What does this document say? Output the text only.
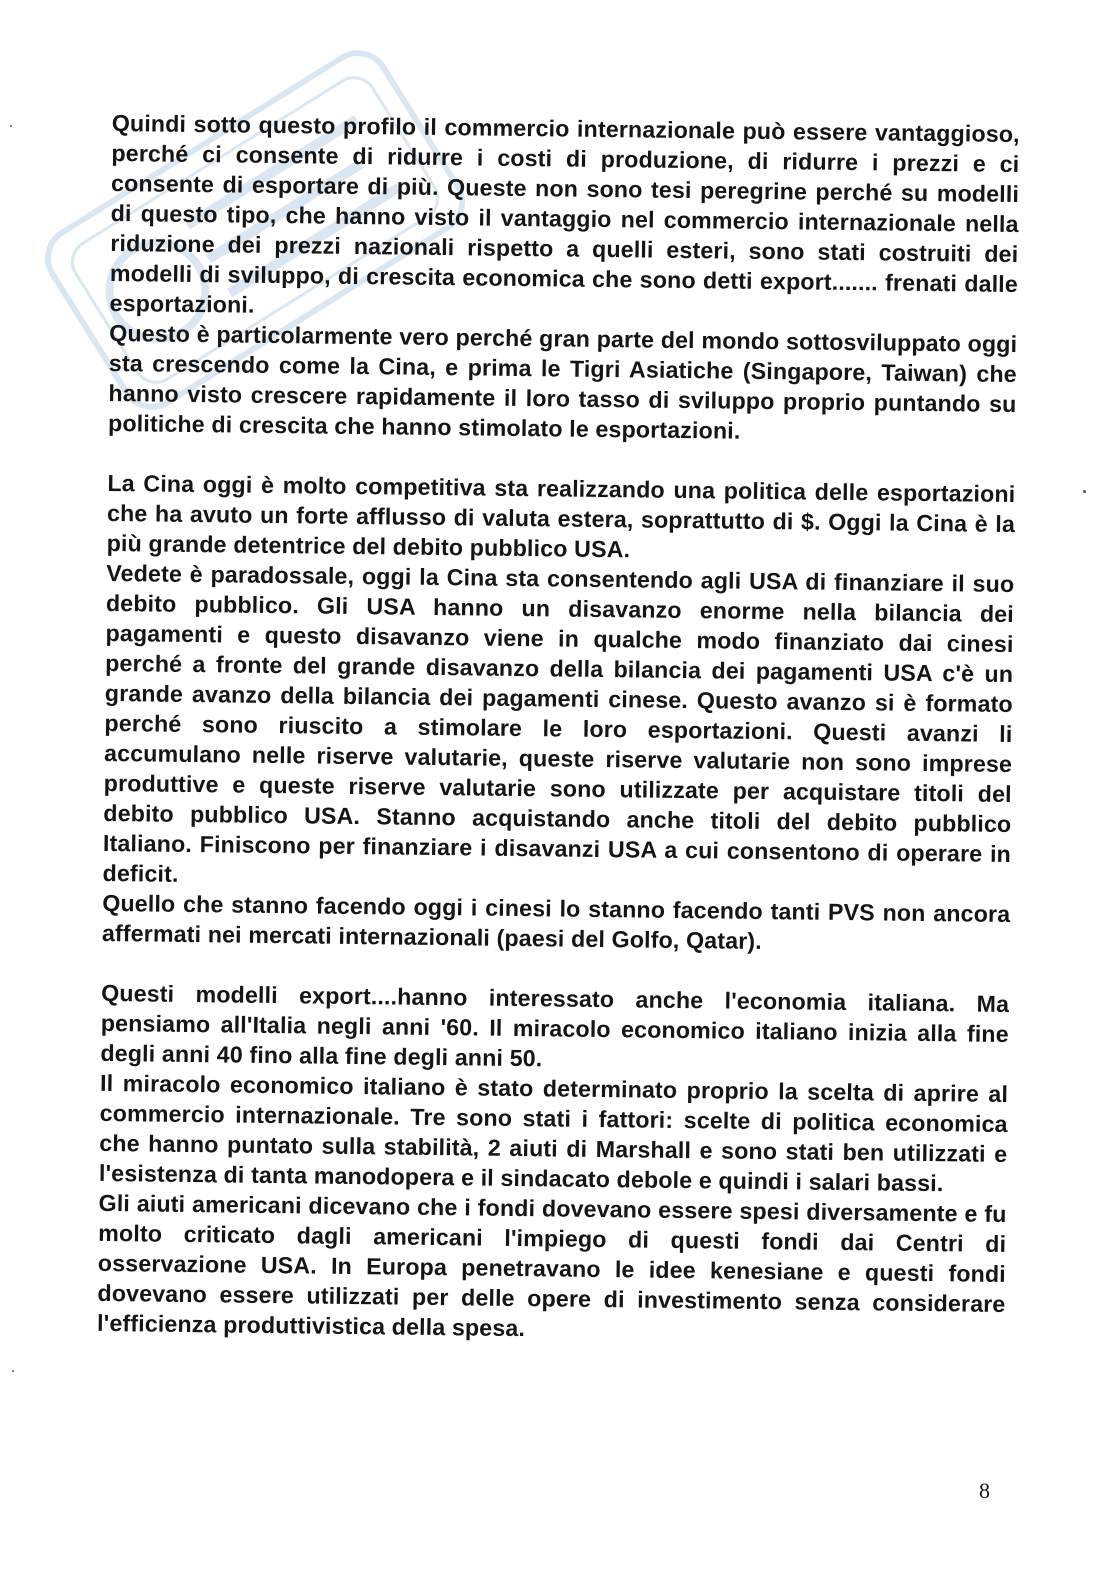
Quindi sotto questo profilo il commercio internazionale può essere vantaggioso, perché ci consente di ridurre i costi di produzione, di ridurre i prezzi e ci consente di esportare di più. Queste non sono tesi peregrine perché su modelli di questo tipo, che hanno visto il vantaggio nel commercio internazionale nella riduzione dei prezzi nazionali rispetto a quelli esteri, sono stati costruiti dei modelli di sviluppo, di crescita economica che sono detti export....... frenati dalle esportazioni.

Questo è particolarmente vero perché gran parte del mondo sottosviluppato oggi sta crescendo come la Cina, e prima le Tigri Asiatiche (Singapore, Taiwan) che hanno visto crescere rapidamente il loro tasso di sviluppo proprio puntando su politiche di crescita che hanno stimolato le esportazioni.

La Cina oggi è molto competitiva sta realizzando una politica delle esportazioni che ha avuto un forte afflusso di valuta estera, soprattutto di $. Oggi la Cina è la più grande detentrice del debito pubblico USA.

Vedete è paradossale, oggi la Cina sta consentendo agli USA di finanziare il suo debito pubblico. Gli USA hanno un disavanzo enorme nella bilancia dei pagamenti e questo disavanzo viene in qualche modo finanziato dai cinesi perché a fronte del grande disavanzo della bilancia dei pagamenti USA c'è un grande avanzo della bilancia dei pagamenti cinese. Questo avanzo si è formato perché sono riuscito a stimolare le loro esportazioni. Questi avanzi li accumulano nelle riserve valutarie, queste riserve valutarie non sono imprese produttive e queste riserve valutarie sono utilizzate per acquistare titoli del debito pubblico USA. Stanno acquistando anche titoli del debito pubblico Italiano. Finiscono per finanziare i disavanzi USA a cui consentono di operare in deficit.

Quello che stanno facendo oggi i cinesi lo stanno facendo tanti PVS non ancora affermati nei mercati internazionali (paesi del Golfo, Qatar).

Questi modelli export....hanno interessato anche l'economia italiana. Ma pensiamo all'Italia negli anni '60. Il miracolo economico italiano inizia alla fine degli anni 40 fino alla fine degli anni 50.

Il miracolo economico italiano è stato determinato proprio la scelta di aprire al commercio internazionale. Tre sono stati i fattori: scelte di politica economica che hanno puntato sulla stabilità, 2 aiuti di Marshall e sono stati ben utilizzati e l'esistenza di tanta manodopera e il sindacato debole e quindi i salari bassi.

Gli aiuti americani dicevano che i fondi dovevano essere spesi diversamente e fu molto criticato dagli americani l'impiego di questi fondi dai Centri di osservazione USA. In Europa penetravano le idee kenesiane e questi fondi dovevano essere utilizzati per delle opere di investimento senza considerare l'efficienza produttivistica della spesa.

8
